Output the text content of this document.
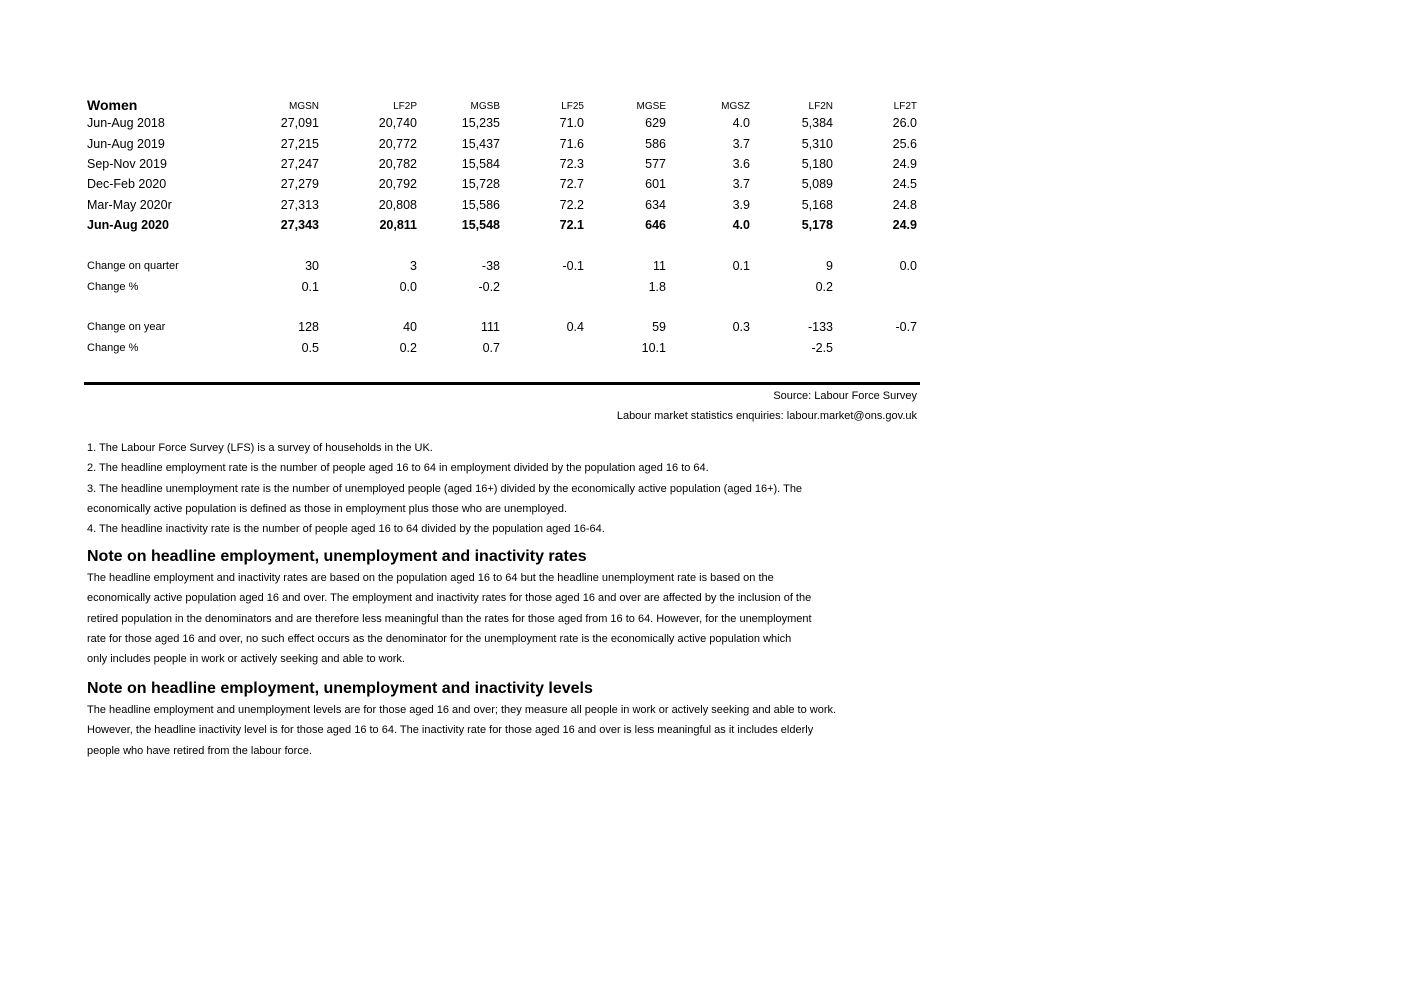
Women	MGSN	LF2P	MGSB	LF25	MGSE	MGSZ	LF2N	LF2T
Jun-Aug 2018	27,091	20,740	15,235	71.0	629	4.0	5,384	26.0
Jun-Aug 2019	27,215	20,772	15,437	71.6	586	3.7	5,310	25.6
Sep-Nov 2019	27,247	20,782	15,584	72.3	577	3.6	5,180	24.9
Dec-Feb 2020	27,279	20,792	15,728	72.7	601	3.7	5,089	24.5
Mar-May 2020r	27,313	20,808	15,586	72.2	634	3.9	5,168	24.8
Jun-Aug 2020	27,343	20,811	15,548	72.1	646	4.0	5,178	24.9

Change on quarter	30	3	-38	-0.1	11	0.1	9	0.0
Change %	0.1	0.0	-0.2		1.8		0.2	

Change on year	128	40	111	0.4	59	0.3	-133	-0.7
Change %	0.5	0.2	0.7		10.1		-2.5	
Source: Labour Force Survey
Labour market statistics enquiries: labour.market@ons.gov.uk

1. The Labour Force Survey (LFS) is a survey of households in the UK.

2. The headline employment rate is the number of people aged 16 to 64 in employment divided by the population aged 16 to 64.

3. The headline unemployment rate is the number of unemployed people (aged 16+) divided by the economically active population (aged 16+). The

economically active population is defined as those in employment plus those who are unemployed.

4. The headline inactivity rate is the number of people aged 16 to 64 divided by the population aged 16-64.

Note on headline employment, unemployment and inactivity rates

The headline employment and inactivity rates are based on the population aged 16 to 64 but the headline unemployment rate is based on the

economically active population aged 16 and over. The employment and inactivity rates for those aged 16 and over are affected by the inclusion of the

retired population in the denominators and are therefore less meaningful than the rates for those aged from 16 to 64. However, for the unemployment

rate for those aged 16 and over, no such effect occurs as the denominator for the unemployment rate is the economically active population which

only includes people in work or actively seeking and able to work.

Note on headline employment, unemployment and inactivity levels

The headline employment and unemployment levels are for those aged 16 and over; they measure all people in work or actively seeking and able to work.

However, the headline inactivity level is for those aged 16 to 64. The inactivity rate for those aged 16 and over is less meaningful as it includes elderly

people who have retired from the labour force.
